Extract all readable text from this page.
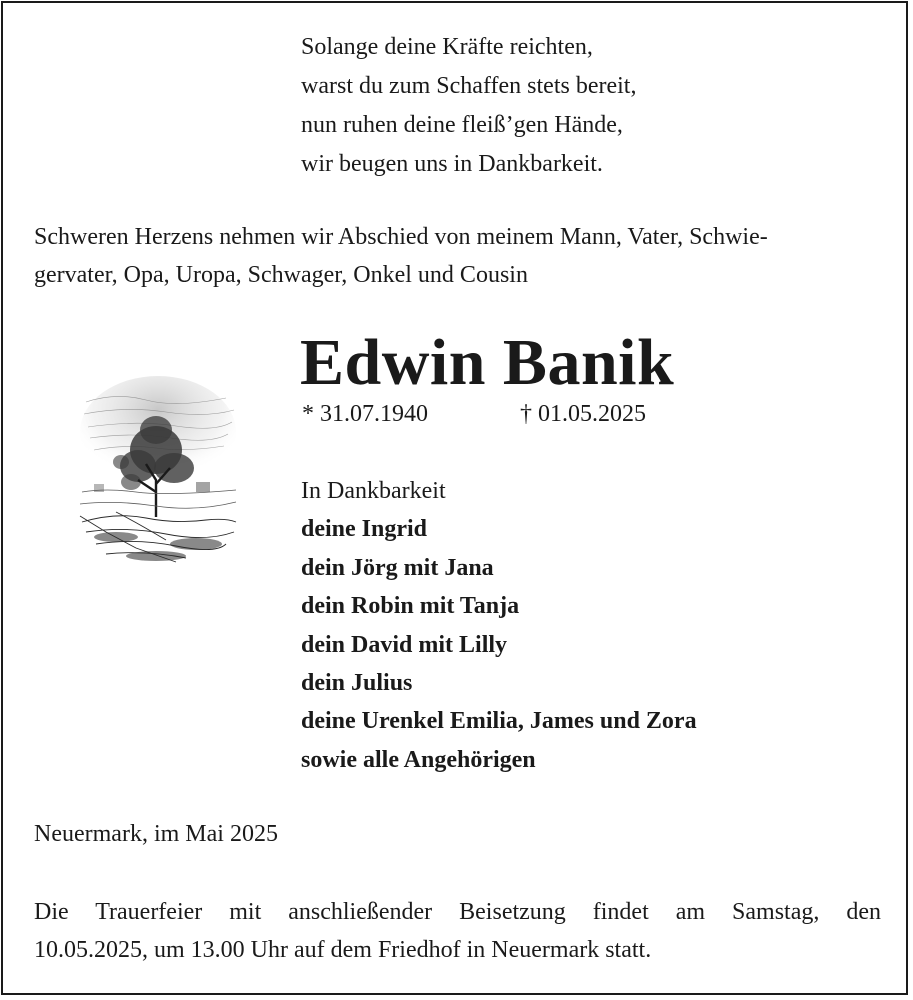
Solange deine Kräfte reichten,
warst du zum Schaffen stets bereit,
nun ruhen deine fleiß’gen Hände,
wir beugen uns in Dankbarkeit.
Schweren Herzens nehmen wir Abschied von meinem Mann, Vater, Schwie-
gervater, Opa, Uropa, Schwager, Onkel und Cousin
Edwin Banik
* 31.07.1940	† 01.05.2025
In Dankbarkeit
deine Ingrid
dein Jörg mit Jana
dein Robin mit Tanja
dein David mit Lilly
dein Julius
deine Urenkel Emilia, James und Zora
sowie alle Angehörigen
Neuermark, im Mai 2025
Die Trauerfeier mit anschließender Beisetzung findet am Samstag, den
10.05.2025, um 13.00 Uhr auf dem Friedhof in Neuermark statt.
